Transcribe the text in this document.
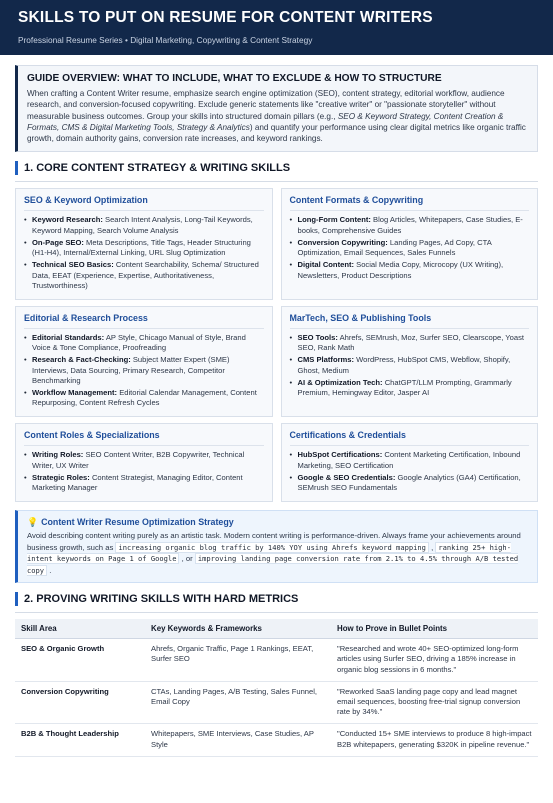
SKILLS TO PUT ON RESUME FOR CONTENT WRITERS
Professional Resume Series • Digital Marketing, Copywriting & Content Strategy
GUIDE OVERVIEW: WHAT TO INCLUDE, WHAT TO EXCLUDE & HOW TO STRUCTURE

When crafting a Content Writer resume, emphasize search engine optimization (SEO), content strategy, editorial workflow, audience research, and conversion-focused copywriting. Exclude generic statements like "creative writer" or "passionate storyteller" without measurable business outcomes. Group your skills into structured domain pillars (e.g., SEO & Keyword Strategy, Content Creation & Formats, CMS & Digital Marketing Tools, Strategy & Analytics) and quantify your performance using clear digital metrics like organic traffic growth, domain authority gains, conversion rate increases, and keyword rankings.

1. CORE CONTENT STRATEGY & WRITING SKILLS
SEO & Keyword Optimization
• Keyword Research: Search Intent Analysis, Long-Tail Keywords, Keyword Mapping, Search Volume Analysis
• On-Page SEO: Meta Descriptions, Title Tags, Header Structuring (H1-H4), Internal/External Linking, URL Slug Optimization
• Technical SEO Basics: Content Searchability, Schema/ Structured Data, EEAT (Experience, Expertise, Authoritativeness, Trustworthiness)
Content Formats & Copywriting
• Long-Form Content: Blog Articles, Whitepapers, Case Studies, E-books, Comprehensive Guides
• Conversion Copywriting: Landing Pages, Ad Copy, CTA Optimization, Email Sequences, Sales Funnels
• Digital Content: Social Media Copy, Microcopy (UX Writing), Newsletters, Product Descriptions
Editorial & Research Process
• Editorial Standards: AP Style, Chicago Manual of Style, Brand Voice & Tone Compliance, Proofreading
• Research & Fact-Checking: Subject Matter Expert (SME) Interviews, Data Sourcing, Primary Research, Competitor Benchmarking
• Workflow Management: Editorial Calendar Management, Content Repurposing, Content Refresh Cycles
MarTech, SEO & Publishing Tools
• SEO Tools: Ahrefs, SEMrush, Moz, Surfer SEO, Clearscope, Yoast SEO, Rank Math
• CMS Platforms: WordPress, HubSpot CMS, Webflow, Shopify, Ghost, Medium
• AI & Optimization Tech: ChatGPT/LLM Prompting, Grammarly Premium, Hemingway Editor, Jasper AI
Content Roles & Specializations
• Writing Roles: SEO Content Writer, B2B Copywriter, Technical Writer, UX Writer
• Strategic Roles: Content Strategist, Managing Editor, Content Marketing Manager
Certifications & Credentials
• HubSpot Certifications: Content Marketing Certification, Inbound Marketing, SEO Certification
• Google & SEO Credentials: Google Analytics (GA4) Certification, SEMrush SEO Fundamentals
💡 Content Writer Resume Optimization Strategy

Avoid describing content writing purely as an artistic task. Modern content writing is performance-driven. Always frame your achievements around business growth, such as increasing organic blog traffic by 140% YOY using Ahrefs keyword mapping , ranking 25+ high-intent keywords on Page 1 of Google , or improving landing page conversion rate from 2.1% to 4.5% through A/B tested copy .

2. PROVING WRITING SKILLS WITH HARD METRICS
Skill Area	Key Keywords & Frameworks	How to Prove in Bullet Points
SEO & Organic Growth	Ahrefs, Organic Traffic, Page 1 Rankings, EEAT, Surfer SEO	"Researched and wrote 40+ SEO-optimized long-form articles using Surfer SEO, driving a 185% increase in organic blog sessions in 6 months."
Conversion Copywriting	CTAs, Landing Pages, A/B Testing, Sales Funnel, Email Copy	"Reworked SaaS landing page copy and lead magnet email sequences, boosting free-trial signup conversion rate by 34%."
B2B & Thought Leadership	Whitepapers, SME Interviews, Case Studies, AP Style	"Conducted 15+ SME interviews to produce 8 high-impact B2B whitepapers, generating $320K in pipeline revenue."
